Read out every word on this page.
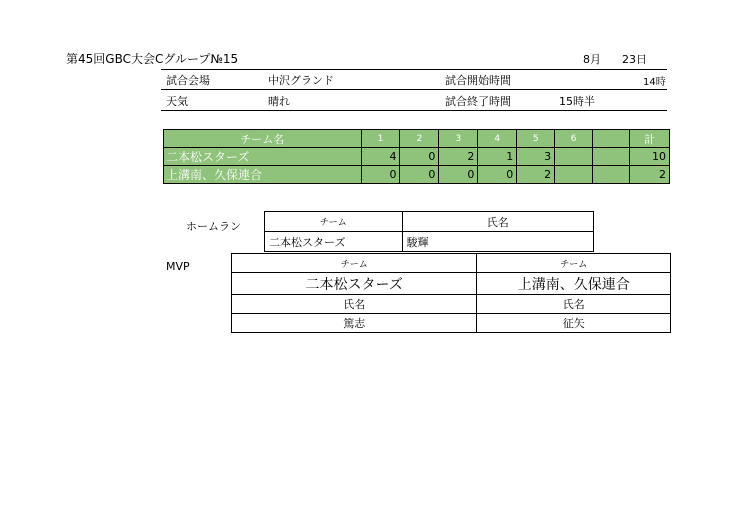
第45回GBC大会Cグループ№15	8月 23日
試合会場	中沢グランド	試合開始時間	14時
天気	晴れ	試合終了時間	15時半
チーム名	1	2	3	4	5	6		計
二本松スターズ	4	0	2	1	3			10
上溝南、久保連合	0	0	0	0	2			2
ホームラン	チーム	氏名
二本松スターズ	駿輝
MVP	チーム	チーム
二本松スターズ	上溝南、久保連合
氏名	氏名
篤志	征矢
